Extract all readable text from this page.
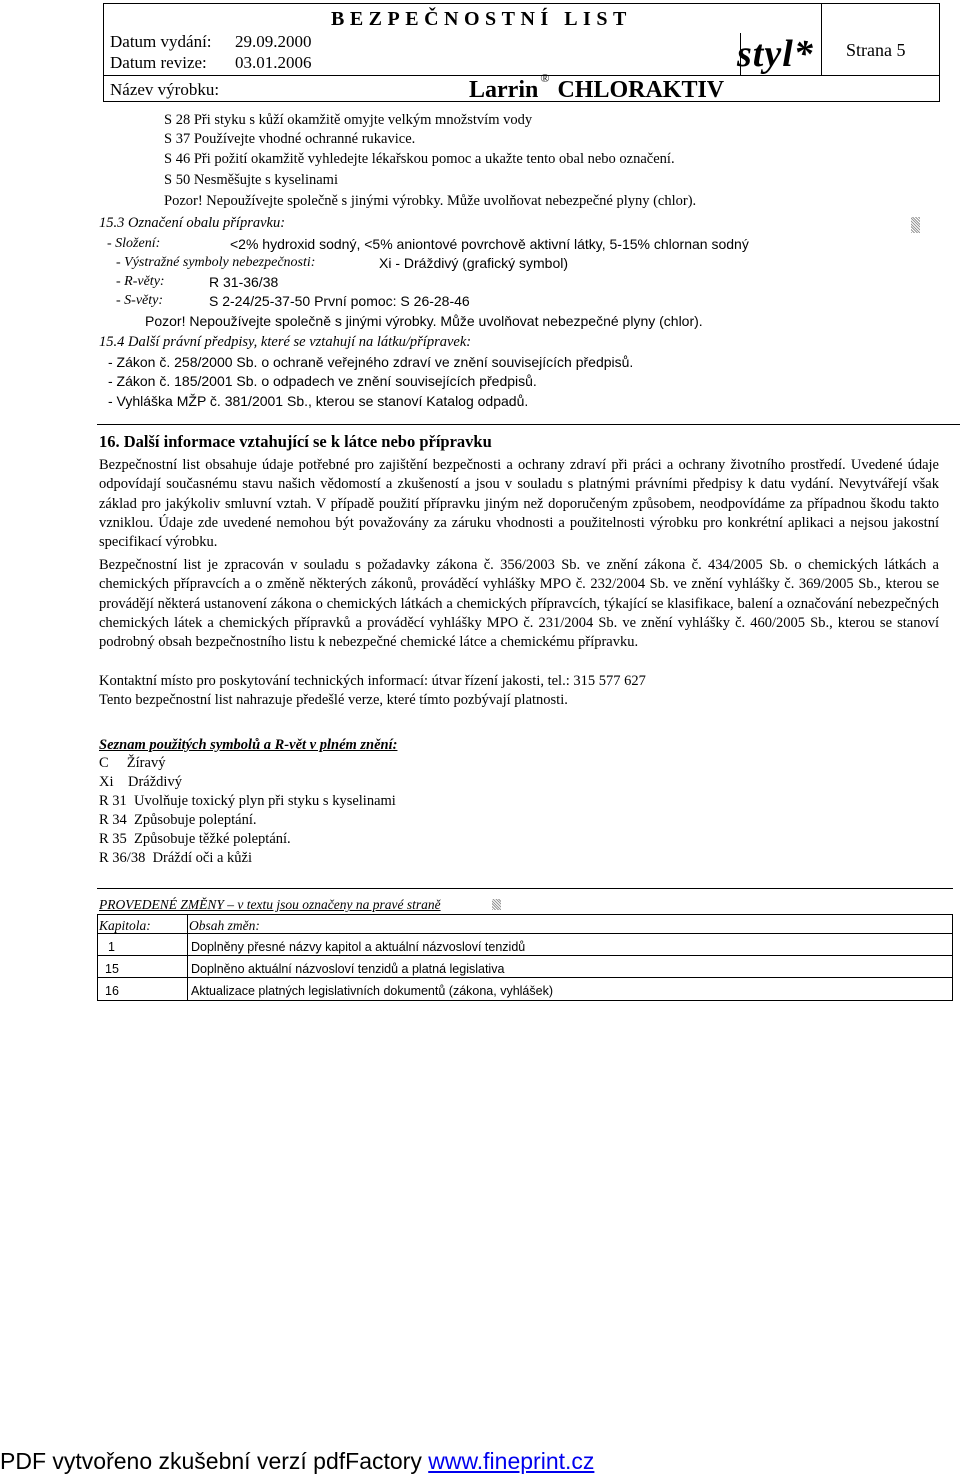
BEZPEČNOSTNÍ LIST
Datum vydání: 29.09.2000
Datum revize: 03.01.2006	styl* Strana 5
Název výrobku:	Larrin ® CHLORAKTIV
S 28 Při styku s kůží okamžitě omyjte velkým množstvím vody
S 37 Používejte vhodné ochranné rukavice.
S 46 Při požití okamžitě vyhledejte lékařskou pomoc a ukažte tento obal nebo označení.
S 50 Nesměšujte s kyselinami
Pozor! Nepoužívejte společně s jinými výrobky. Může uvolňovat nebezpečné plyny (chlor).
15.3 Označení obalu přípravku:
- Složení:	<2% hydroxid sodný, <5% aniontové povrchově aktivní látky, 5-15% chlornan sodný
- Výstražné symboly nebezpečnosti:	Xi - Dráždivý (grafický symbol)
- R-věty:	R 31-36/38
- S-věty:	S 2-24/25-37-50 První pomoc: S 26-28-46
Pozor! Nepoužívejte společně s jinými výrobky. Může uvolňovat nebezpečné plyny (chlor).
15.4 Další právní předpisy, které se vztahují na látku/přípravek:
- Zákon č. 258/2000 Sb. o ochraně veřejného zdraví ve znění souvisejících předpisů.
- Zákon č. 185/2001 Sb. o odpadech ve znění souvisejících předpisů.
- Vyhláška MŽP č. 381/2001 Sb., kterou se stanoví Katalog odpadů.
16. Další informace vztahující se k látce nebo přípravku
Bezpečnostní list obsahuje údaje potřebné pro zajištění bezpečnosti a ochrany zdraví při práci a ochrany životního prostředí. Uvedené údaje odpovídají současnému stavu našich vědomostí a zkušeností a jsou v souladu s platnými právními předpisy k datu vydání. Nevytvářejí však základ pro jakýkoliv smluvní vztah. V případě použití přípravku jiným než doporučeným způsobem, neodpovídáme za případnou škodu takto vzniklou. Údaje zde uvedené nemohou být považovány za záruku vhodnosti a použitelnosti výrobku pro konkrétní aplikaci a nejsou jakostní specifikací výrobku.
Bezpečnostní list je zpracován v souladu s požadavky zákona č. 356/2003 Sb. ve znění zákona č. 434/2005 Sb. o chemických látkách a chemických přípravcích a o změně některých zákonů, prováděcí vyhlášky MPO č. 232/2004 Sb. ve znění vyhlášky č. 369/2005 Sb., kterou se provádějí některá ustanovení zákona o chemických látkách a chemických přípravcích, týkající se klasifikace, balení a označování nebezpečných chemických látek a chemických přípravků a prováděcí vyhlášky MPO č. 231/2004 Sb. ve znění vyhlášky č. 460/2005 Sb., kterou se stanoví podrobný obsah bezpečnostního listu k nebezpečné chemické látce a chemickému přípravku.
Kontaktní místo pro poskytování technických informací: útvar řízení jakosti, tel.: 315 577 627
Tento bezpečnostní list nahrazuje předešlé verze, které tímto pozbývají platnosti.
Seznam použitých symbolů a R-vět v plném znění:
C     Žíravý
Xi    Dráždivý
R 31  Uvolňuje toxický plyn při styku s kyselinami
R 34  Způsobuje poleptání.
R 35  Způsobuje těžké poleptání.
R 36/38  Dráždí oči a kůži
PROVEDENÉ ZMĚNY – v textu jsou označeny na pravé straně
Kapitola:	Obsah změn:
1	Doplněny přesné názvy kapitol a aktuální názvosloví tenzidů
15	Doplněno aktuální názvosloví tenzidů a platná legislativa
16	Aktualizace platných legislativních dokumentů (zákona, vyhlášek)
PDF vytvořeno zkušební verzí pdfFactory www.fineprint.cz
